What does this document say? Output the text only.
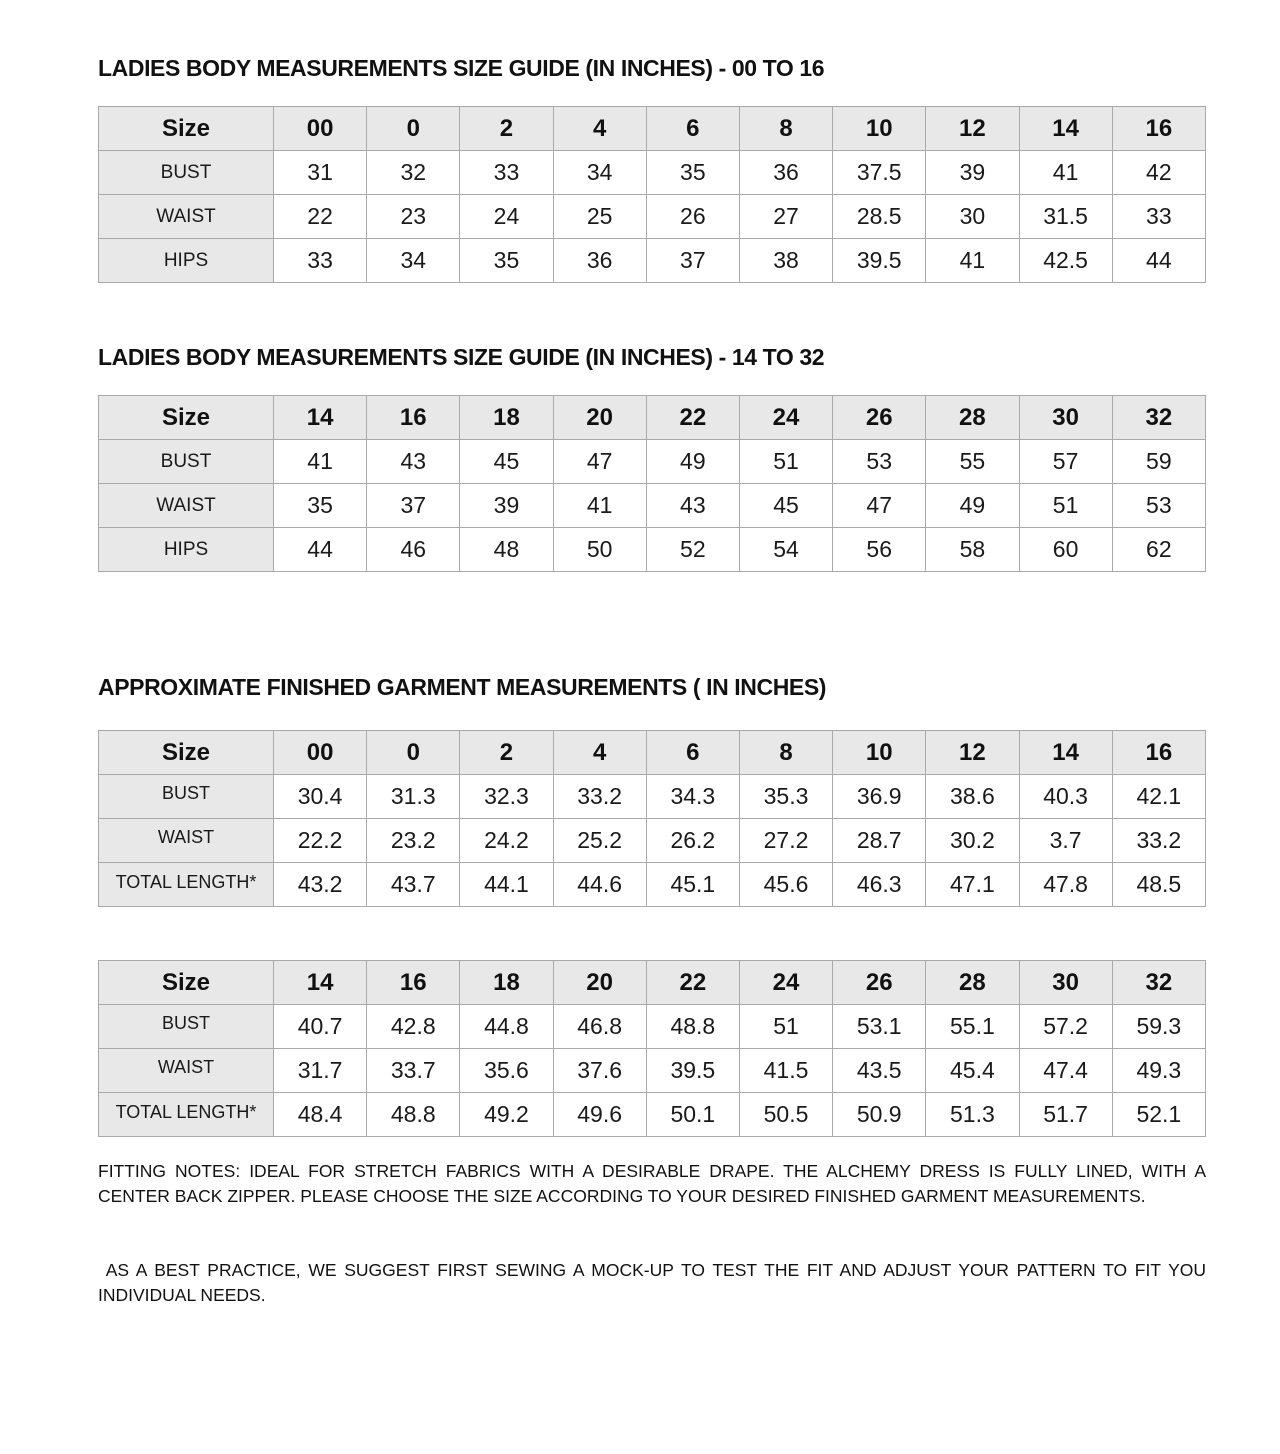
LADIES BODY MEASUREMENTS SIZE GUIDE (IN INCHES) - 00 TO 16
Size	00	0	2	4	6	8	10	12	14	16
BUST	31	32	33	34	35	36	37.5	39	41	42
WAIST	22	23	24	25	26	27	28.5	30	31.5	33
HIPS	33	34	35	36	37	38	39.5	41	42.5	44
LADIES BODY MEASUREMENTS SIZE GUIDE (IN INCHES) - 14 TO 32
Size	14	16	18	20	22	24	26	28	30	32
BUST	41	43	45	47	49	51	53	55	57	59
WAIST	35	37	39	41	43	45	47	49	51	53
HIPS	44	46	48	50	52	54	56	58	60	62
APPROXIMATE FINISHED GARMENT MEASUREMENTS ( IN INCHES)
Size	00	0	2	4	6	8	10	12	14	16
BUST	30.4	31.3	32.3	33.2	34.3	35.3	36.9	38.6	40.3	42.1
WAIST	22.2	23.2	24.2	25.2	26.2	27.2	28.7	30.2	3.7	33.2
TOTAL LENGTH*	43.2	43.7	44.1	44.6	45.1	45.6	46.3	47.1	47.8	48.5
Size	14	16	18	20	22	24	26	28	30	32
BUST	40.7	42.8	44.8	46.8	48.8	51	53.1	55.1	57.2	59.3
WAIST	31.7	33.7	35.6	37.6	39.5	41.5	43.5	45.4	47.4	49.3
TOTAL LENGTH*	48.4	48.8	49.2	49.6	50.1	50.5	50.9	51.3	51.7	52.1

FITTING NOTES: IDEAL FOR STRETCH FABRICS WITH A DESIRABLE DRAPE. THE ALCHEMY DRESS IS FULLY LINED, WITH A CENTER BACK ZIPPER. PLEASE CHOOSE THE SIZE ACCORDING TO YOUR DESIRED FINISHED GARMENT MEASUREMENTS.

AS A BEST PRACTICE, WE SUGGEST FIRST SEWING A MOCK-UP TO TEST THE FIT AND ADJUST YOUR PATTERN TO FIT YOU INDIVIDUAL NEEDS.
